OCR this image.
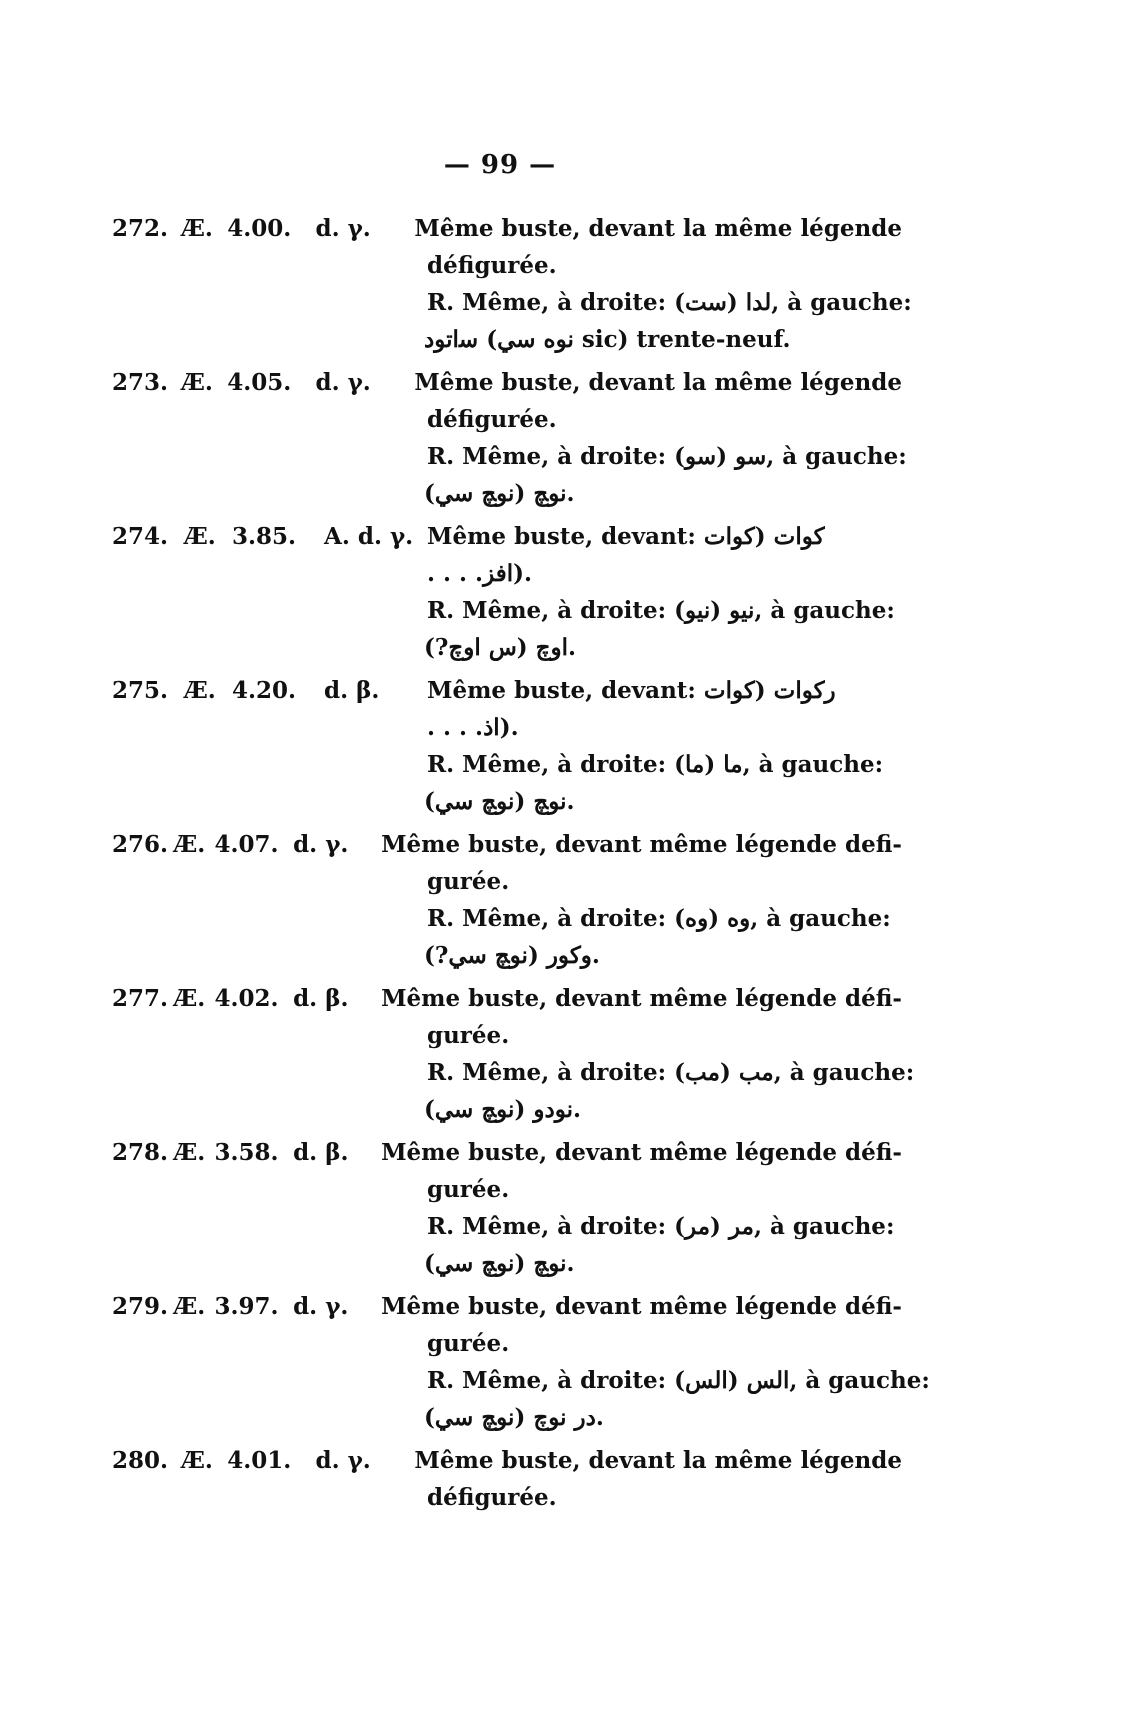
— 99 —
272. Æ. 4.00.	d. γ.	Même buste, devant la même légende
défigurée.
R. Même, à droite: ﻟﺪﺍ (ﺳﺖ), à gauche:
ﺳﺍﺗﻮﺩ (ﻧﻮﻩ ﺳﻲ sic) trente-neuf.
273. Æ. 4.05.	d. γ.	Même buste, devant la même légende
défigurée.
R. Même, à droite: ﺳﻮ (ﺳﻮ), à gauche:
ﻧﻮﭻ (ﻧﻮﭻ ﺳﻲ).
274. Æ. 3.85.	A. d. γ. Même buste, devant: ﻛﻮﺍﺕ (ﻛﻮﺍﺕ
. . . .ﺍﻓﺰ).
R. Même, à droite: ﻧﻴﻮ (ﻧﻴﻮ), à gauche:
ﺍﻭﭺ (ﺱ ﺍﻭﭺ?).
275. Æ. 4.20.	d. β.	Même buste, devant: ﺭﻛﻮﺍﺕ (ﻛﻮﺍﺕ
. . . .ﺍﺫ).
R. Même, à droite: ﻣﺎ (ﻣﺎ), à gauche:
ﻧﻮﭻ (ﻧﻮﭻ ﺳﻲ).
276. Æ. 4.07. d. γ.	Même buste, devant même légende defi-
gurée.
R. Même, à droite: ﻭﻩ (ﻭﻩ), à gauche:
ﻭﻛﻮﺭ (ﻧﻮﭻ ﺳﻲ?).
277. Æ. 4.02. d. β.	Même buste, devant même légende défi-
gurée.
R. Même, à droite: ﻣﺐ (ﻣﺐ), à gauche:
ﻧﻮﺩﻭ (ﻧﻮﭻ ﺳﻲ).
278. Æ. 3.58. d. β.	Même buste, devant même légende défi-
gurée.
R. Même, à droite: ﻣﺮ (ﻣﺮ), à gauche:
ﻧﻮﭻ (ﻧﻮﭻ ﺳﻲ).
279. Æ. 3.97. d. γ.	Même buste, devant même légende défi-
gurée.
R. Même, à droite: ﺍﻟﺲ (ﺍﻟﺲ), à gauche:
ﺩﺭ ﻧﻮﭺ (ﻧﻮﭻ ﺳﻲ).
280. Æ. 4.01.	d. γ.	Même buste, devant la même légende
défigurée.
